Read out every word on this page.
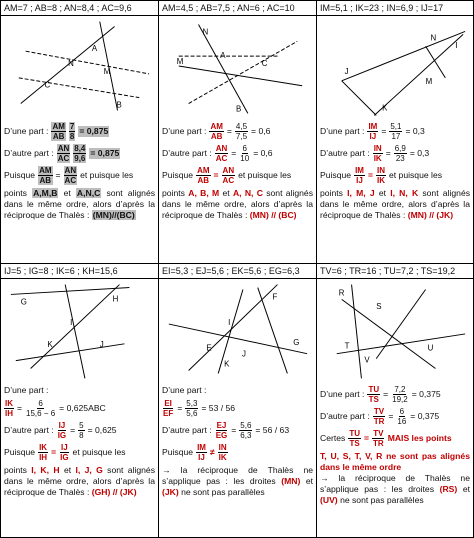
AM=7 ; AB=8 ; AN=8,4 ; AC=9,6
A
N
C
B
M
D’une part : $\frac{AM}{AB} \frac{7}{8} = 0,875$
D’autre part : $\frac{AN}{AC} \frac{8,4}{9,6} = 0,875$
Puisque $\frac{AM}{AB} = \frac{AN}{AC}$ et puisque les
points A,M,B et A,N,C sont alignés dans le même ordre, alors d’après la réciproque de Thalès : (MN)//(BC)
AM=4,5 ; AB=7,5 ; AN=6 ; AC=10
N
A
M	C
B
D’une part : $\frac{AM}{AB} = \frac{4,5}{7,5} = 0,6$
D’autre part : $\frac{AN}{AC} = \frac{6}{10} = 0,6$
Puisque $\frac{AM}{AB} = \frac{AN}{AC}$ et puisque les
points A, B, M et A, N, C sont alignés dans le même ordre, alors d’après la réciproque de Thalès : (MN) // (BC)
IM=5,1 ; IK=23 ; IN=6,9 ; IJ=17
N
M
I
J
K
D’une part : $\frac{IM}{IJ} = \frac{5,1}{17} = 0,3$
D’autre part : $\frac{IN}{IK} = \frac{6,9}{23} = 0,3$
Puisque $\frac{IM}{IJ} = \frac{IN}{IK}$ et puisque les
points I, M, J et I, N, K sont alignés dans le même ordre, alors d’après la réciproque de Thalès : (MN) // (JK)
IJ=5 ; IG=8 ; IK=6 ; KH=15,6
G	H
I
K	J
D’une part :
$\frac{IK}{IH} = \frac{6}{15,6 - 6} = 0,625ABC$
D’autre part : $\frac{IJ}{IG} = \frac{5}{8} = 0,625$
Puisque $\frac{IK}{IH} = \frac{IJ}{IG}$ et puisque les
points I, K, H et I, J, G sont alignés dans le même ordre, alors d’après la réciproque de Thalès : (GH) // (JK)
EI=5,3 ; EJ=5,6 ; EK=5,6 ; EG=6,3
F
G
E
I
J
K
D’une part :
$\frac{EI}{EF} = \frac{5,3}{5,6} = 53 / 56$
D’autre part : $\frac{EJ}{EG} = \frac{5,6}{6,3} = 56 / 63$
Puisque $\frac{IM}{IJ} \ne \frac{IN}{IK}$
→ la réciproque de Thalès ne s’applique pas : les droites (MN) et (JK) ne sont pas parallèles
TV=6 ; TR=16 ; TU=7,2 ; TS=19,2
R
S
T
V
U
D’une part : $\frac{TU}{TS} = \frac{7,2}{19,2} = 0,375$
D’autre part : $\frac{TV}{TR} = \frac{6}{16} = 0,375$
Certes $\frac{TU}{TS} = \frac{TV}{TR}$ MAIS les points
T, U, S, T, V, R ne sont pas alignés dans le même ordre
→ la réciproque de Thalès ne s’applique pas : les droites (RS) et (UV) ne sont pas parallèles
